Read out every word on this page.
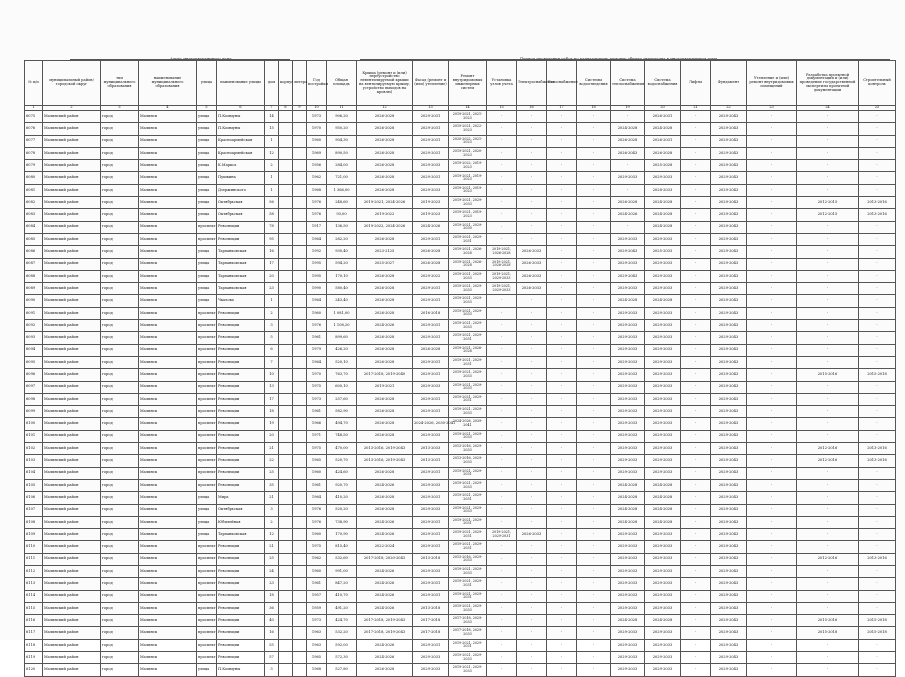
Адрес многоквартирного дома	Период проведения работ по капитальному ремонту общего имущества в многоквартирном доме
№ п/п	муниципальный район/ городской округ	тип муниципального образования	наименование муниципального образования	улица	наименование улицы	дом	корпус	литера	Год постройки	Общая площадь	Крыша (ремонт и (или) переустройство невентилируемой крыши на вентилируемую крышу, устройство выходов на кровлю)	Фасад (ремонт и (или) утепление)	Ремонт внутридомовых инженерных систем	Установка узлов учета	Электроснабжение	Газоснабжение	Системы водоотведения	Система теплоснабжения	Система водоснабжения	Лифты	Фундамент	Утепление и (или) ремонт внутридомовых помещений	Разработка проектной документации и (или) проведение государственной экспертизы проектной документации	Строительный контроль
1	2	3	4	5	6	7	8	9	10	11	12	13	14	15	16	17	18	19	20	21	22	23	24	25
6075	Малинский район	город	Малинск	улица	П.Коммуны	14			1973	906,20	2026-2028	2029-2031	2019-2021, 2021-2023	-	-	-	-	-	2026-2031	-	2029-2043	-	-	-
6076	Малинский район	город	Малинск	улица	П.Коммуны	15			1970	950,20	2026-2028	2029-2031	2019-2021, 2022-2023	-	-	-	-	2024-2028	2024-2028	-	2029-2043	-	-	-
6077	Малинский район	город	Малинск	улица	Красноармейская	1			1960	904,30	2026-2028	2029-2031	2020-2022, 2021-2023	-	-	-	-	2026-2028	2026-2031	-	2029-2043	-	-	-
6078	Малинский район	город	Малинск	улица	Красноармейская	12			1969	890,50	2026-2028	2029-2031	2019-2021, 2020-2023	-	-	-	-	2026-2043	2026-2028	-	2029-2043	-	-	-
6079	Малинский район	город	Малинск	улица	К.Маркса	2			1956	284,00	2026-2028	2029-2033	2019-2022, 2019-2023	-	-	-	-	-	2025-2028	-	2029-2043	-	-	-
6080	Малинский район	город	Малинск	улица	Пушкина	1			1962	721,00	2026-2028	2029-2031	2019-2021, 2019-2023	-	-	-	-	2029-2033	2029-2033	-	2029-2043	-	-	-
6081	Малинский район	город	Малинск	улица	Дзержинского	1			1968	1 366,00	2026-2028	2029-2033	2019-2021, 2019-2023	-	-	-	-	-	2028-2033	-	2029-2043	-	-	-
6082	Малинский район	город	Малинск	улица	Октябрьская	56			1976	248,60	2019-2021, 2024-2026	2019-2023	2019-2021, 2029-2033	-	-	-	-	2026-2028	2024-2028	-	2029-2043	-	2012-2015	2013-2016
6083	Малинский район	город	Малинск	улица	Октябрьская	58			1976	93,00	2019-2022	2019-2023	2019-2021, 2019-2023	-	-	-	-	2024-2026	2024-2028	-	2029-2043	-	2012-2015	2013-2016
6084	Малинский район	город	Малинск	проспект	Революции	78			1917	136,50	2019-2022, 2024-2026	2024-2026	2019-2021, 2029-2030	-	-	-	-	-	2024-2028	-	2029-2043	-	-	-
6085	Малинский район	город	Малинск	проспект	Революции	95			1964	282,20	2026-2028	2029-2031	2019-2021, 2029-2031	-	-	-	-	2029-2033	2029-2033	-	2029-2043	-	-	-
6086	Малинский район	город	Малинск	улица	Тарханковская	16			1992	930,40	2023-2125	2026-2028	2019-2021, 2026-2028	2019-2021, 2026-2028	2026-2033	-	-	2029-2043	2025-2033	-	2029-2043	-	-	-
6087	Малинский район	город	Малинск	улица	Тарханковская	17			1995	594,20	2025-2027	2026-2028	2019-2021, 2026-2028	2019-2021, 2026-2028	2026-2033	-	-	2029-2033	2029-2033	-	2029-2043	-	-	-
6088	Малинский район	город	Малинск	улица	Тарханковская	20			1995	170,10	2026-2028	2029-2022	2019-2021, 2029-2033	2019-2021, 2029-2033	2026-2033	-	-	2029-2043	2029-2033	-	2029-2043	-	-	-
6089	Малинский район	город	Малинск	улица	Тарханковская	23			1990	580,40	2026-2028	2029-2031	2019-2021, 2029-2033	2019-2021, 2029-2033	2026-2033	-	-	2029-2033	2029-2033	-	2029-2043	-	-	-
6090	Малинский район	город	Малинск	улица	Чкалова	1			1964	243,40	2026-2028	2029-2031	2019-2021, 2029-2033	-	-	-	-	2024-2028	2024-2028	-	2029-2043	-	-	-
6091	Малинский район	город	Малинск	проспект	Революции	2			1960	1 081,00	2026-2028	2016-2018	2019-2021, 2029-2033	-	-	-	-	2029-2033	2029-2033	-	2029-2043	-	-	-
6092	Малинский район	город	Малинск	проспект	Революции	3			1976	1 108,20	2024-2026	2029-2031	2019-2021, 2029-2033	-	-	-	-	2029-2033	2029-2033	-	2029-2043	-	-	-
6093	Малинский район	город	Малинск	проспект	Революции	5			1961	899,60	2026-2028	2029-2031	2019-2021, 2029-2031	-	-	-	-	2029-2033	2029-2033	-	2029-2043	-	-	-
6094	Малинский район	город	Малинск	проспект	Революции	6			1979	426,20	2026-2028	2026-2028	2019-2021, 2026-2028	-	-	-	-	2029-2033	2029-2033	-	2029-2043	-	-	-
6095	Малинский район	город	Малинск	проспект	Революции	7			1964	520,10	2026-2028	2029-2031	2019-2021, 2029-2031	-	-	-	-	2029-2033	2029-2033	-	2029-2043	-	-	-
6096	Малинский район	город	Малинск	проспект	Революции	10			1970	763,70	2017-2018, 2019-2040	2029-2031	2019-2021, 2029-2033	-	-	-	-	2029-2033	2029-2033	-	2029-2043	-	2015-2016	2015-2018
6097	Малинский район	город	Малинск	проспект	Революции	13			1975	600,10	2019-2021	2029-2033	2019-2021, 2029-2033	-	-	-	-	2029-2033	2029-2033	-	2029-2043	-	-	-
6098	Малинский район	город	Малинск	проспект	Революции	17			1973	257,60	2026-2028	2029-2031	2019-2021, 2029-2031	-	-	-	-	2029-2033	2029-2033	-	2029-2043	-	-	-
6099	Малинский район	город	Малинск	проспект	Революции	18			1961	582,90	2026-2028	2029-2031	2019-2021, 2029-2033	-	-	-	-	2029-2033	2029-2033	-	2029-2043	-	-	-
6100	Малинский район	город	Малинск	проспект	Революции	19			1966	494,70	2026-2028	2024-2026, 2030-2041	2024-2026, 2039-2041	-	-	-	-	2029-2033	2029-2033	-	2029-2043	-	-	-
6101	Малинский район	город	Малинск	проспект	Революции	20			1971	748,50	2026-2028	2029-2033	2019-2021, 2029-2033	-	-	-	-	2029-2033	2029-2033	-	2029-2043	-	-	-
6102	Малинский район	город	Малинск	проспект	Революции	21			1975	470,00	2013-2016, 2019-2043	2013-2033	2013-2016, 2029-2033	-	-	-	-	2029-2033	2029-2033	-	2029-2043	-	2012-2016	2013-2016
6103	Малинский район	город	Малинск	проспект	Революции	22			1965	520,70	2013-2016, 2019-2043	2013-2031	2013-2016, 2029-2033	-	-	-	-	2029-2033	2029-2033	-	2029-2043	-	2012-2016	2013-2016
6104	Малинский район	город	Малинск	проспект	Революции	25			1960	424,60	2026-2028	2029-2031	2019-2021, 2029-2031	-	-	-	-	2029-2033	2029-2033	-	2029-2043	-	-	-
6105	Малинский район	город	Малинск	проспект	Революции	35			1961	920,70	2024-2026	2029-2033	2019-2021, 2029-2033	-	-	-	-	2024-2028	2024-2028	-	2029-2043	-	-	-
6106	Малинский район	город	Малинск	улица	Мира	21			1964	410,20	2026-2028	2029-2031	2019-2021, 2029-2031	-	-	-	-	2024-2028	2024-2028	-	2029-2043	-	-	-
6107	Малинский район	город	Малинск	улица	Октябрьская	3			1976	520,20	2026-2028	2029-2033	2019-2021, 2029-2033	-	-	-	-	2024-2028	2024-2028	-	2029-2043	-	-	-
6108	Малинский район	город	Малинск	улица	Юбилейная	2			1976	738,90	2024-2026	2029-2031	2019-2021, 2029-2031	-	-	-	-	2024-2028	2024-2028	-	2029-2043	-	-	-
6109	Малинский район	город	Малинск	улица	Тарханковская	12			1960	170,90	2024-2026	2029-2031	2019-2021, 2029-2031	2019-2021, 2029-2031	2026-2033	-	-	2029-2033	2029-2033	-	2029-2043	-	-	-
6110	Малинский район	город	Малинск	проспект	Революции	21			1975	815,40	2022-2024	2029-2031	2019-2021, 2029-2031	-	-	-	-	2029-2033	2029-2033	-	2029-2043	-	-	-
6111	Малинский район	город	Малинск	проспект	Революции	25			1962	532,60	2017-2018, 2020-2043	2013-2018	2013-2016, 2029-2033	-	-	-	-	2029-2033	2029-2033	-	2029-2043	-	2012-2016	2013-2016
6112	Малинский район	город	Малинск	проспект	Революции	24			1960	991,00	2024-2026	2029-2033	2019-2021, 2029-2033	-	-	-	-	2029-2033	2029-2033	-	2029-2043	-	-	-
6113	Малинский район	город	Малинск	проспект	Революции	23			1961	847,20	2024-2026	2029-2031	2019-2021, 2029-2031	-	-	-	-	2029-2033	2029-2033	-	2029-2043	-	-	-
6114	Малинский район	город	Малинск	проспект	Революции	18			1957	410,70	2024-2026	2029-2031	2019-2021, 2029-2031	-	-	-	-	2029-2033	2029-2033	-	2029-2043	-	-	-
6115	Малинский район	город	Малинск	проспект	Революции	36			1959	491,20	2024-2026	2013-2018	2019-2021, 2029-2033	-	-	-	-	2029-2033	2029-2033	-	2029-2043	-	-	-
6116	Малинский район	город	Малинск	проспект	Революции	40			1973	424,70	2017-2018, 2019-2043	2017-2018	2017-2018, 2029-2033	-	-	-	-	2024-2028	2024-2028	-	2029-2043	-	2015-2016	2015-2018
6117	Малинский район	город	Малинск	проспект	Революции	16			1963	532,20	2017-2018, 2019-2043	2017-2018	2017-2018, 2029-2033	-	-	-	-	2029-2033	2029-2033	-	2029-2043	-	2015-2018	2015-2018
6118	Малинский район	город	Малинск	проспект	Революции	55			1963	592,00	2024-2026	2029-2031	2019-2021, 2029-2031	-	-	-	-	2029-2033	2029-2033	-	2029-2043	-	-	-
6119	Малинский район	город	Малинск	проспект	Революции	57			1965	572,30	2024-2026	2029-2033	2019-2021, 2029-2033	-	-	-	-	2029-2033	2029-2033	-	2029-2043	-	-	-
6120	Малинский район	город	Малинск	улица	П.Коммуны	3			1968	527,80	2026-2028	2029-2033	2019-2021, 2029-2033	-	-	-	-	2029-2033	2029-2033	-	2029-2043	-	-	-
